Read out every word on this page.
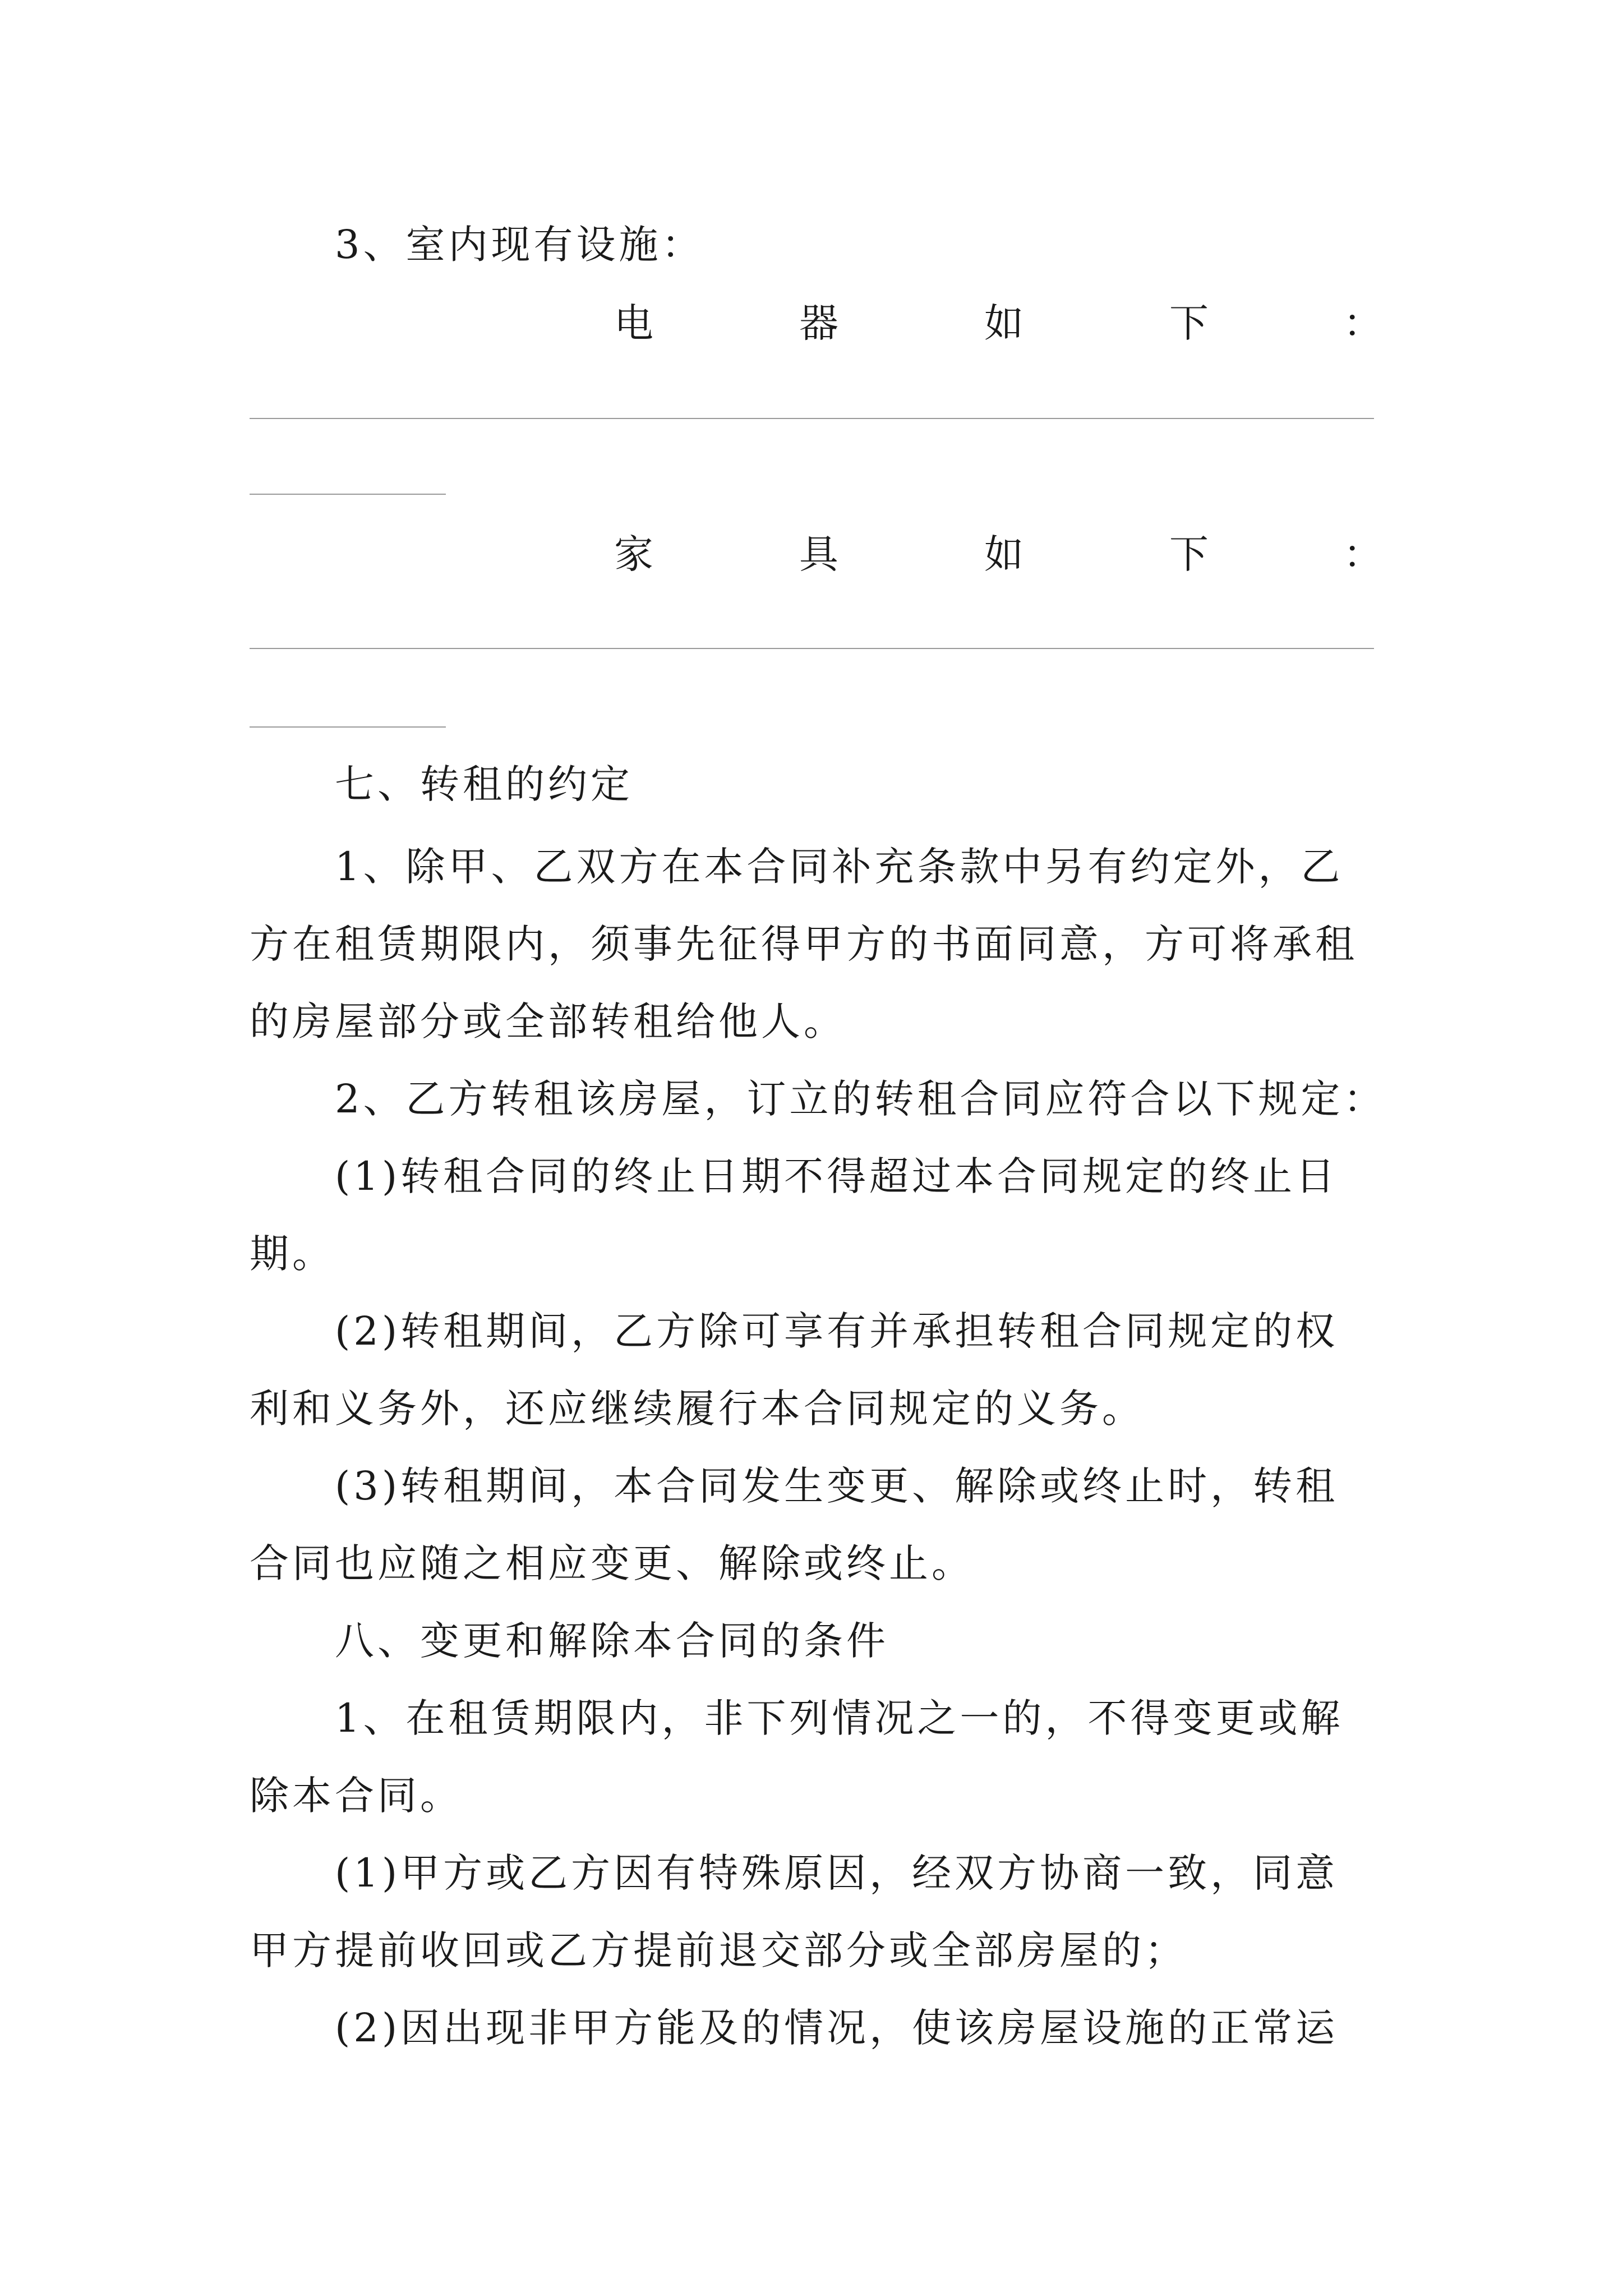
3、室内现有设施：
电	器	如	下	：
家	具	如	下	：
七、转租的约定
1、除甲、乙双方在本合同补充条款中另有约定外，乙
方在租赁期限内，须事先征得甲方的书面同意，方可将承租
的房屋部分或全部转租给他人。
2、乙方转租该房屋，订立的转租合同应符合以下规定：
(1)转租合同的终止日期不得超过本合同规定的终止日
期。
(2)转租期间，乙方除可享有并承担转租合同规定的权
利和义务外，还应继续履行本合同规定的义务。
(3)转租期间，本合同发生变更、解除或终止时，转租
合同也应随之相应变更、解除或终止。
八、变更和解除本合同的条件
1、在租赁期限内，非下列情况之一的，不得变更或解
除本合同。
(1)甲方或乙方因有特殊原因，经双方协商一致，同意
甲方提前收回或乙方提前退交部分或全部房屋的；
(2)因出现非甲方能及的情况，使该房屋设施的正常运
